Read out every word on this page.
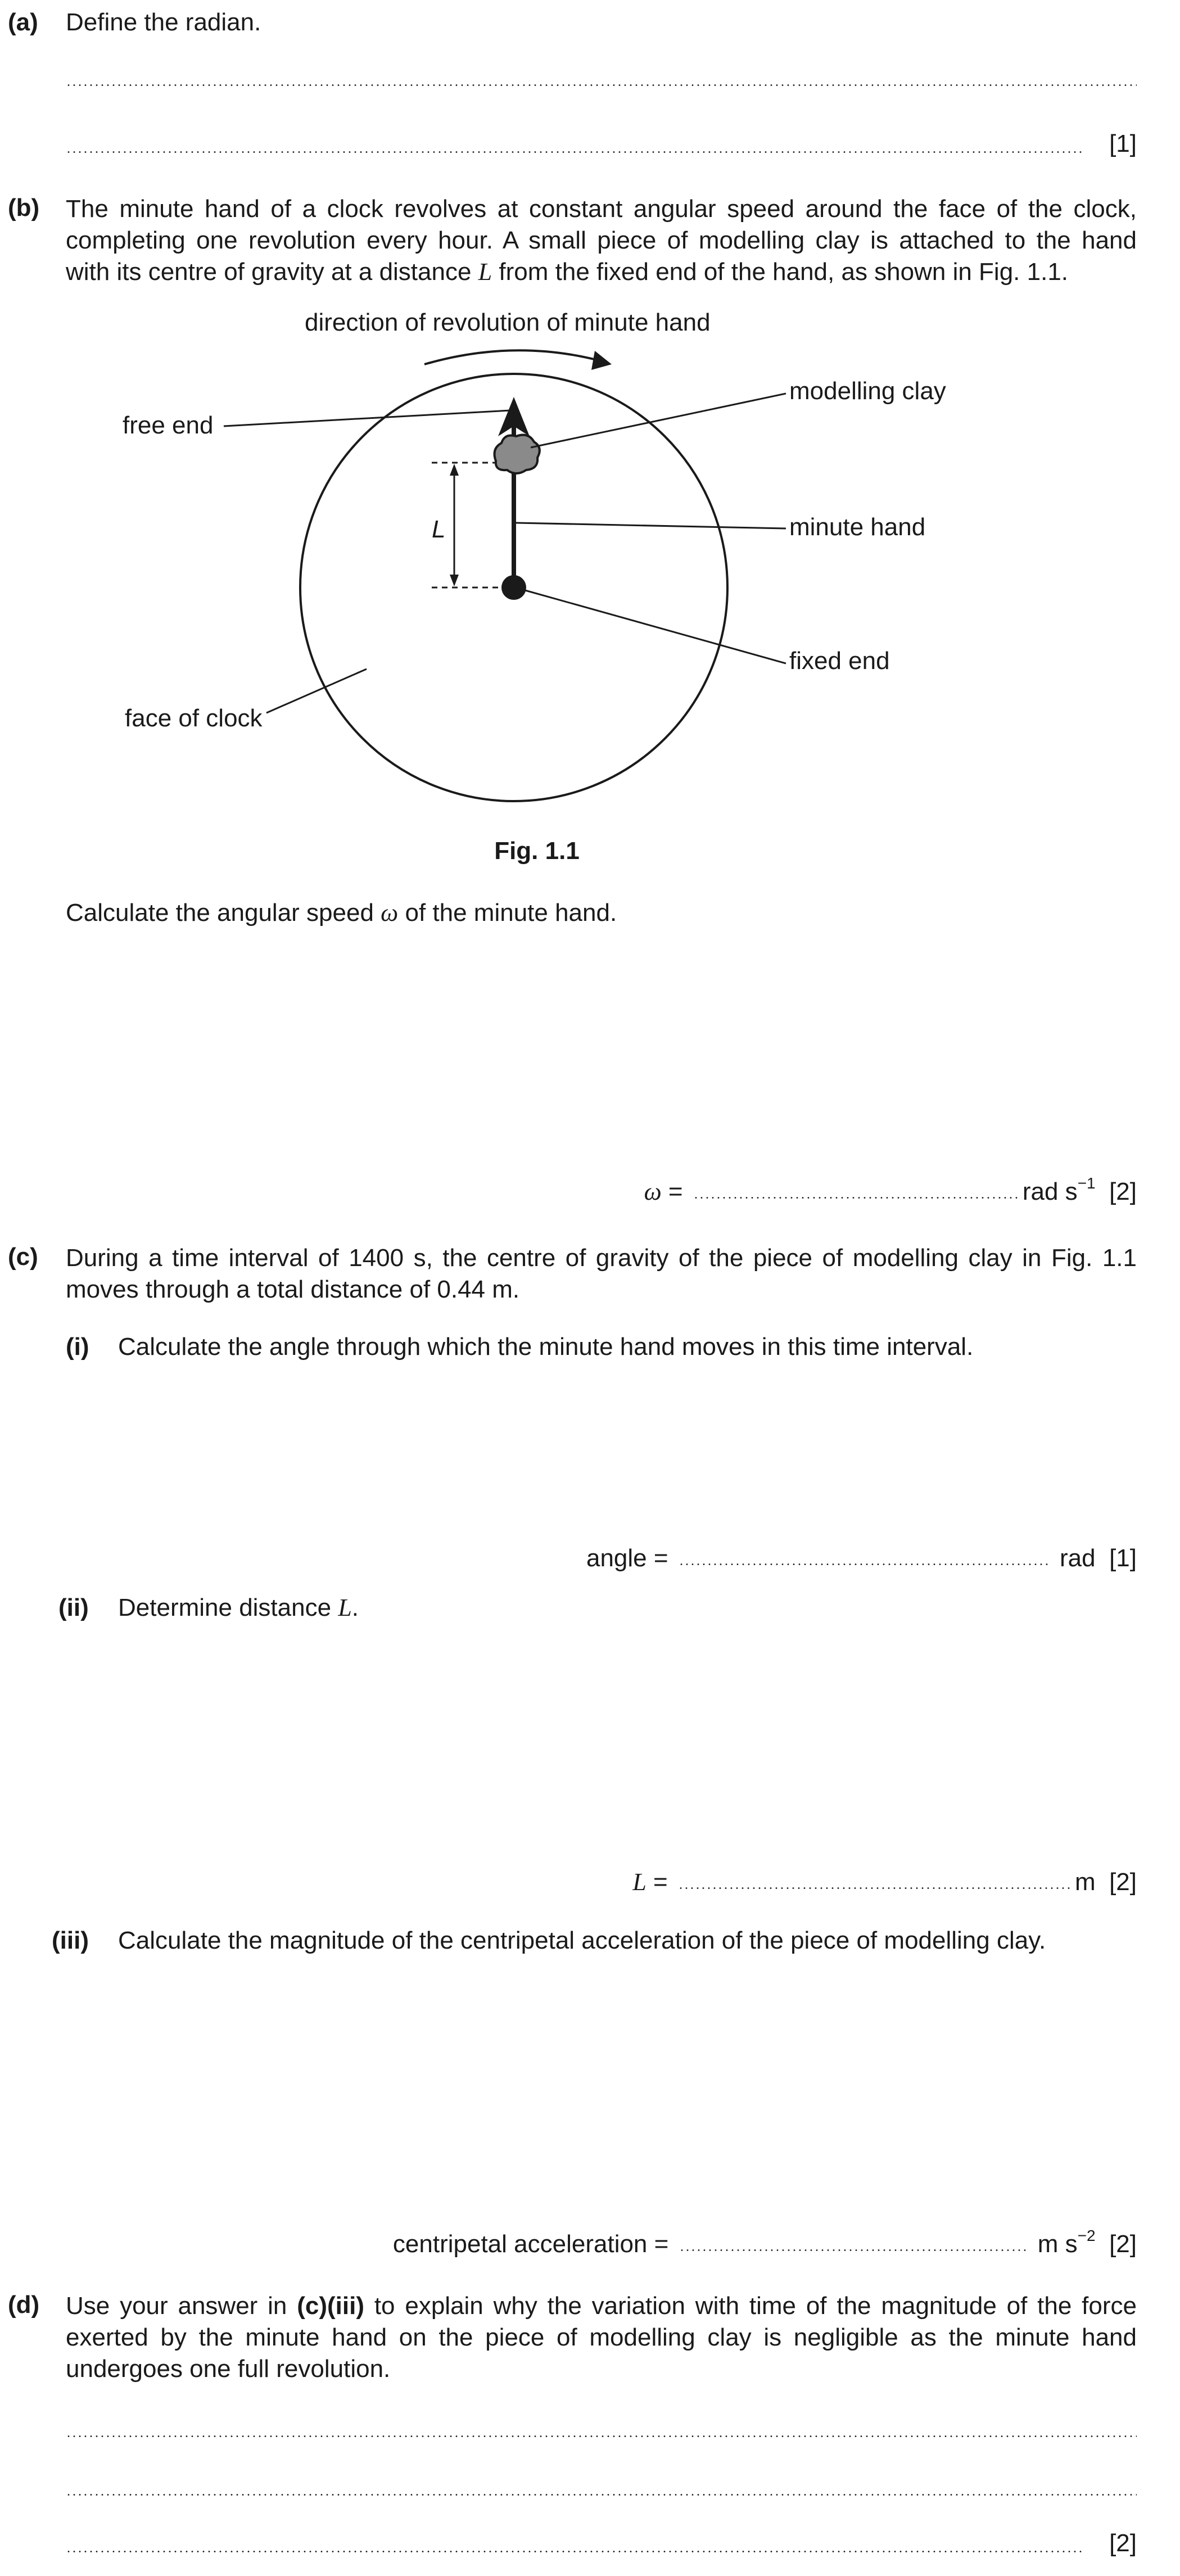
(a) Define the radian.
[1]
(b) The minute hand of a clock revolves at constant angular speed around the face of the clock,
completing one revolution every hour. A small piece of modelling clay is attached to the hand
with its centre of gravity at a distance L from the fixed end of the hand, as shown in Fig. 1.1.
direction of revolution of minute hand
L
free end
modelling clay
minute hand
fixed end
face of clock
Fig. 1.1
Calculate the angular speed ω of the minute hand.
ω =	rad $s^{-1}$ [2]
(c) During a time interval of 1400 s, the centre of gravity of the piece of modelling clay in Fig. 1.1
moves through a total distance of 0.44 m.
(i) Calculate the angle through which the minute hand moves in this time interval.
angle =	rad [1]
(ii) Determine distance L.
L =	m [2]
(iii) Calculate the magnitude of the centripetal acceleration of the piece of modelling clay.
centripetal acceleration =	m $s^{-2}$ [2]
(d) Use your answer in (c)(iii) to explain why the variation with time of the magnitude of the force
exerted by the minute hand on the piece of modelling clay is negligible as the minute hand
undergoes one full revolution.
[2]
